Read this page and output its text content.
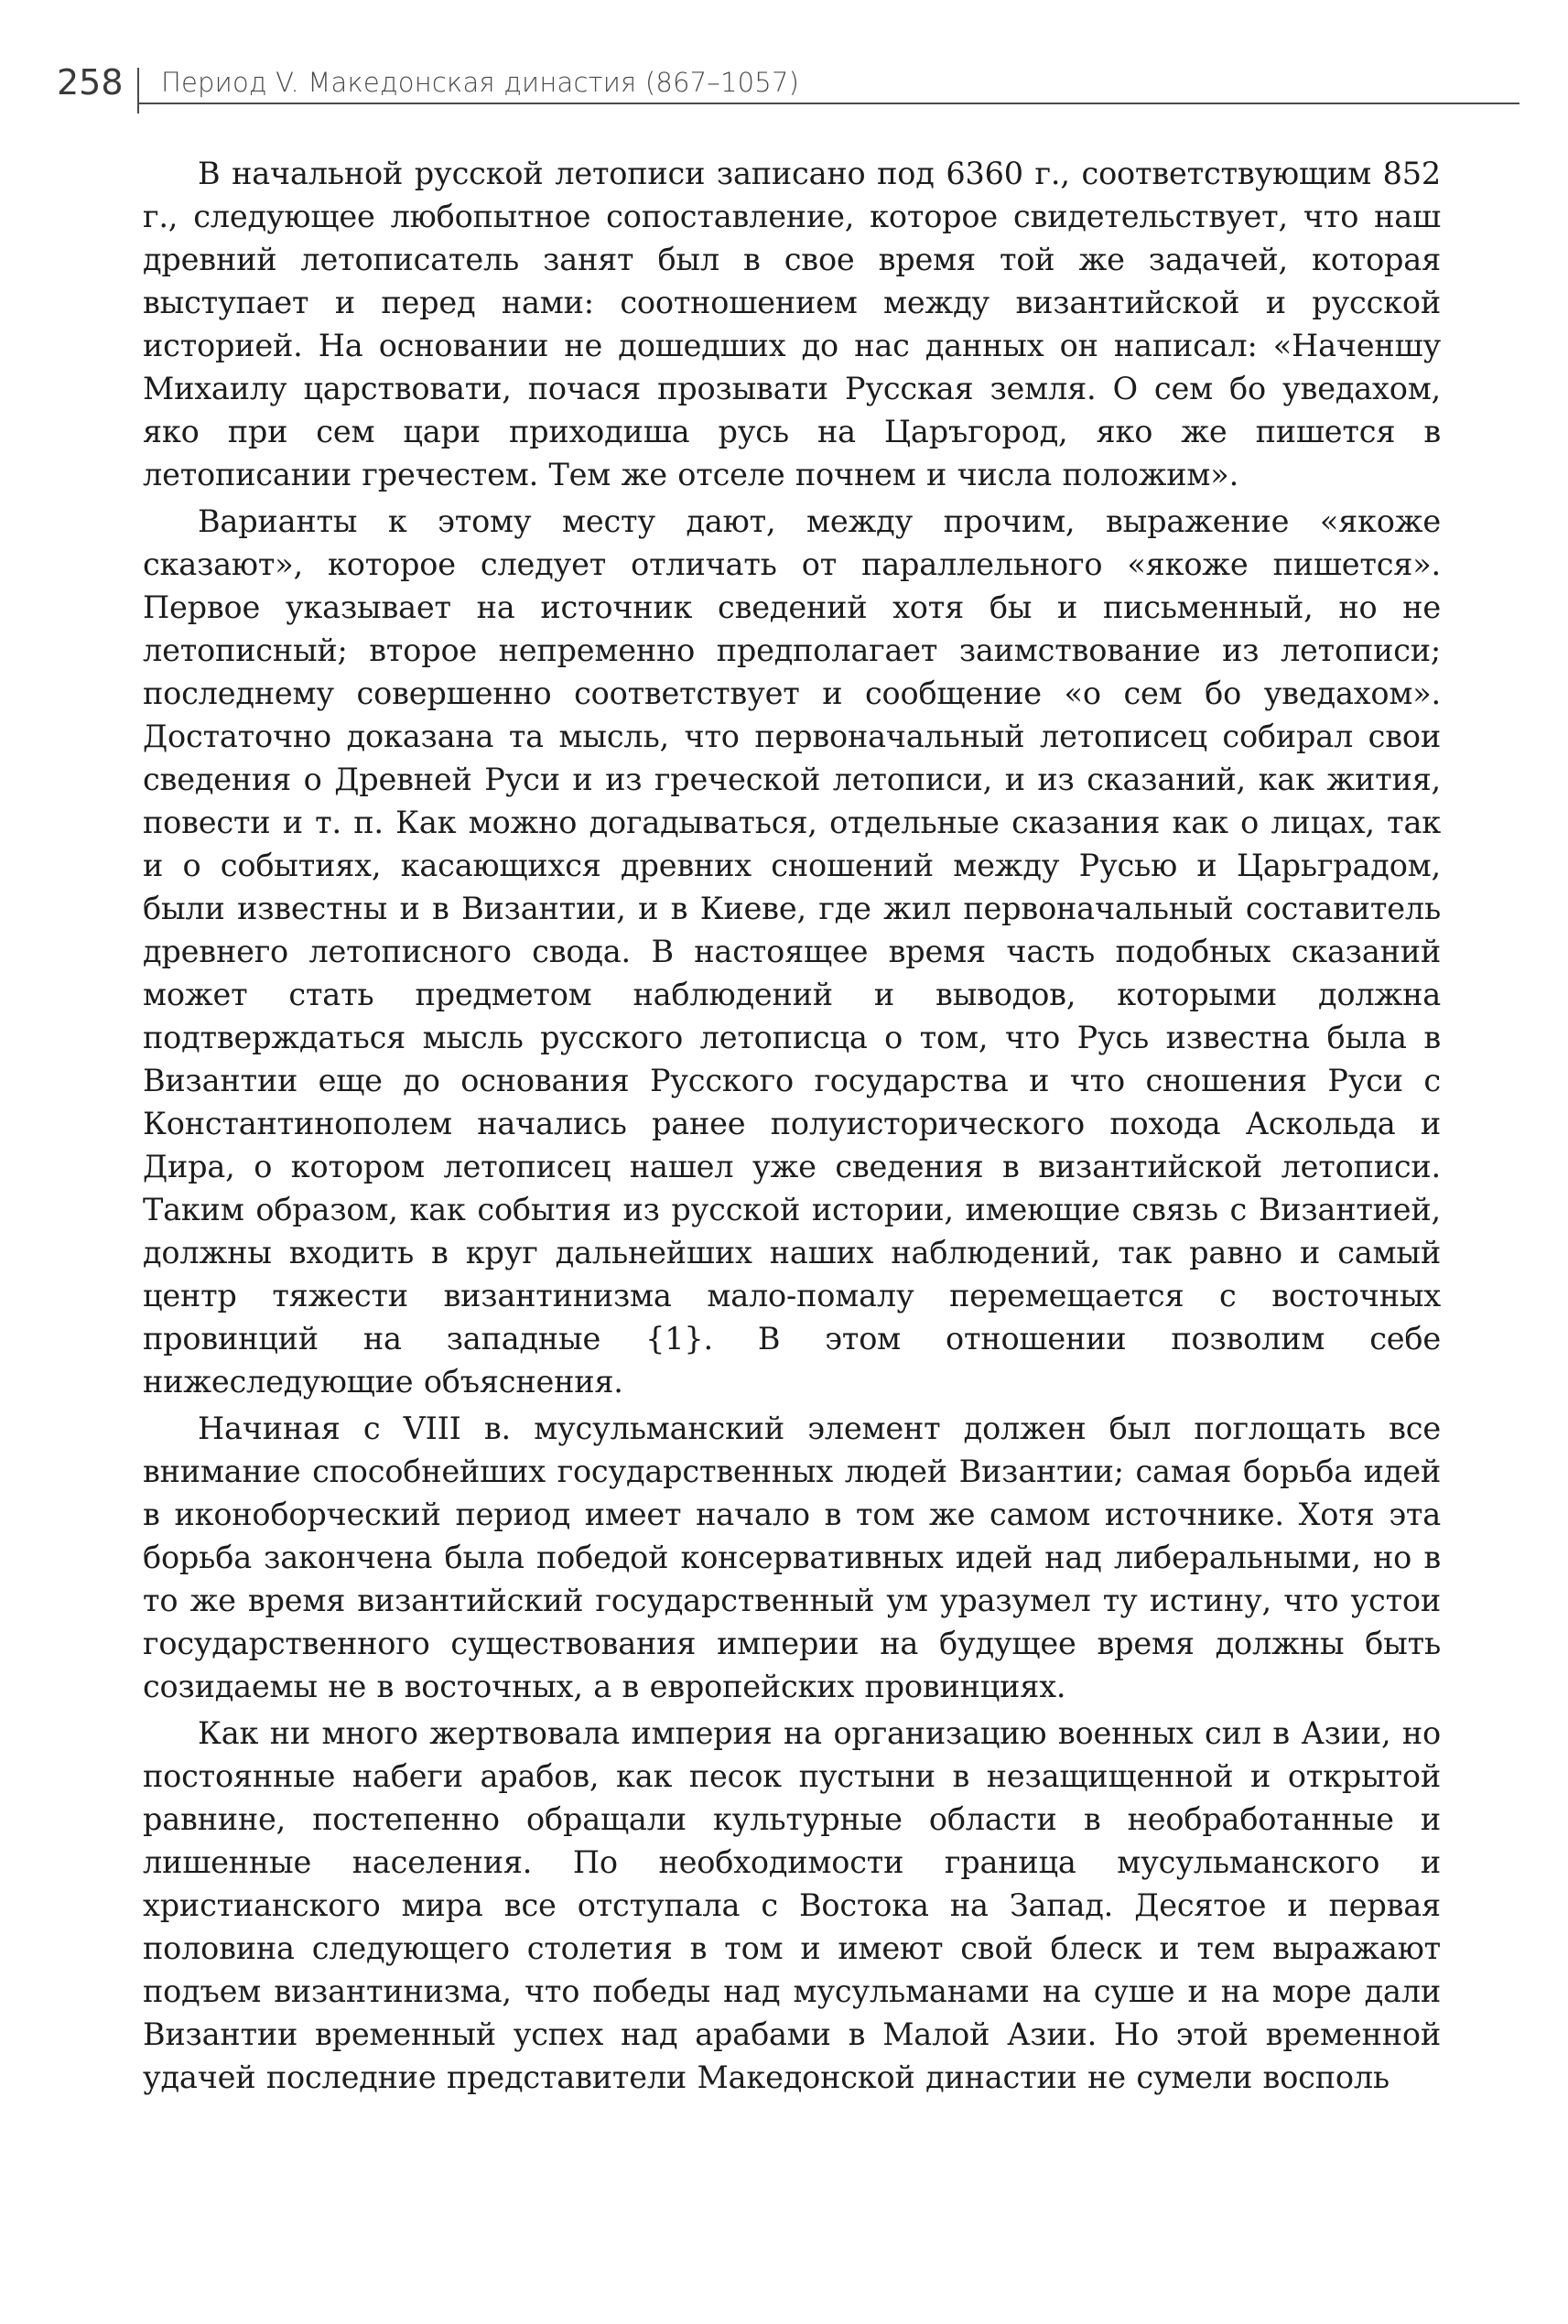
258 Период V. Македонская династия (867–1057)

В начальной русской летописи записано под 6360 г., соответствующим 852 г., следующее любопытное сопоставление, которое свидетельствует, что наш древний летописатель занят был в свое время той же задачей, которая выступает и перед нами: соотношением между византийской и русской историей. На основании не дошедших до нас данных он написал: «Наченшу Михаилу царствовати, почася прозывати Русская земля. О сем бо уведахом, яко при сем цари приходиша русь на Царъгород, яко же пишется в летописании гречестем. Тем же отселе почнем и числа положим».

Варианты к этому месту дают, между прочим, выражение «якоже сказают», которое следует отличать от параллельного «якоже пишется». Первое указывает на источник сведений хотя бы и письменный, но не летописный; второе непременно предполагает заимствование из летописи; последнему совершенно соответствует и сообщение «о сем бо уведахом». Достаточно доказана та мысль, что первоначальный летописец собирал свои сведения о Древней Руси и из греческой летописи, и из сказаний, как жития, повести и т. п. Как можно догадываться, отдельные сказания как о лицах, так и о событиях, касающихся древних сношений между Русью и Царьградом, были известны и в Византии, и в Киеве, где жил первоначальный составитель древнего летописного свода. В настоящее время часть подобных сказаний может стать предметом наблюдений и выводов, которыми должна подтверждаться мысль русского летописца о том, что Русь известна была в Византии еще до основания Русского государства и что сношения Руси с Константинополем начались ранее полуисторического похода Аскольда и Дира, о котором летописец нашел уже сведения в византийской летописи. Таким образом, как события из русской истории, имеющие связь с Византией, должны входить в круг дальнейших наших наблюдений, так равно и самый центр тяжести византинизма мало-помалу перемещается с восточных провинций на западные {1}. В этом отношении позволим себе нижеследующие объяснения.

Начиная с VIII в. мусульманский элемент должен был поглощать все внимание способнейших государственных людей Византии; самая борьба идей в иконоборческий период имеет начало в том же самом источнике. Хотя эта борьба закончена была победой консервативных идей над либеральными, но в то же время византийский государственный ум уразумел ту истину, что устои государственного существования империи на будущее время должны быть созидаемы не в восточных, а в европейских провинциях.

Как ни много жертвовала империя на организацию военных сил в Азии, но постоянные набеги арабов, как песок пустыни в незащищенной и открытой равнине, постепенно обращали культурные области в необработанные и лишенные населения. По необходимости граница мусульманского и христианского мира все отступала с Востока на Запад. Десятое и первая половина следующего столетия в том и имеют свой блеск и тем выражают подъем византинизма, что победы над мусульманами на суше и на море дали Византии временный успех над арабами в Малой Азии. Но этой временной удачей последние представители Македонской династии не сумели восполь
